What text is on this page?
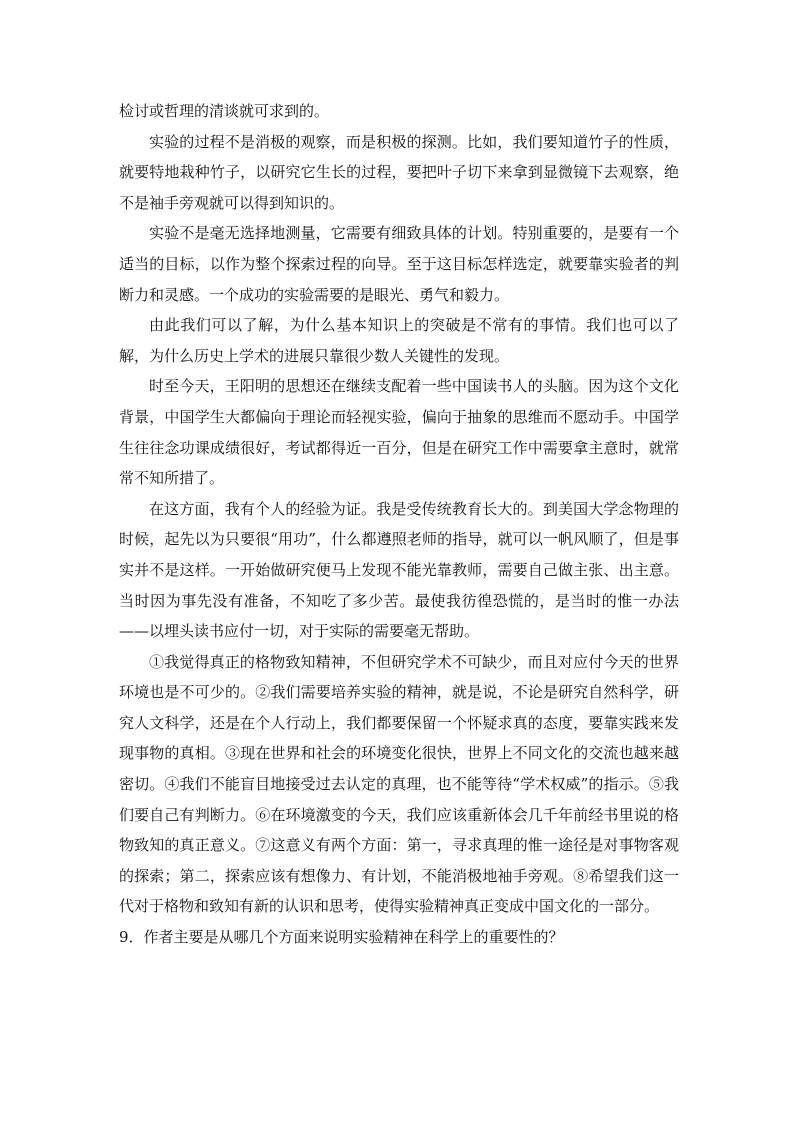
检讨或哲理的清谈就可求到的。

实验的过程不是消极的观察，而是积极的探测。比如，我们要知道竹子的性质，就要特地栽种竹子，以研究它生长的过程，要把叶子切下来拿到显微镜下去观察，绝不是袖手旁观就可以得到知识的。

实验不是毫无选择地测量，它需要有细致具体的计划。特别重要的，是要有一个适当的目标，以作为整个探索过程的向导。至于这目标怎样选定，就要靠实验者的判断力和灵感。一个成功的实验需要的是眼光、勇气和毅力。

由此我们可以了解，为什么基本知识上的突破是不常有的事情。我们也可以了解，为什么历史上学术的进展只靠很少数人关键性的发现。

时至今天，王阳明的思想还在继续支配着一些中国读书人的头脑。因为这个文化背景，中国学生大都偏向于理论而轻视实验，偏向于抽象的思维而不愿动手。中国学生往往念功课成绩很好，考试都得近一百分，但是在研究工作中需要拿主意时，就常常不知所措了。

在这方面，我有个人的经验为证。我是受传统教育长大的。到美国大学念物理的时候，起先以为只要很“用功”，什么都遵照老师的指导，就可以一帆风顺了，但是事实并不是这样。一开始做研究便马上发现不能光靠教师，需要自己做主张、出主意。当时因为事先没有准备，不知吃了多少苦。最使我彷徨恐慌的，是当时的惟一办法——以埋头读书应付一切，对于实际的需要毫无帮助。

①我觉得真正的格物致知精神，不但研究学术不可缺少，而且对应付今天的世界环境也是不可少的。②我们需要培养实验的精神，就是说，不论是研究自然科学，研究人文科学，还是在个人行动上，我们都要保留一个怀疑求真的态度，要靠实践来发现事物的真相。③现在世界和社会的环境变化很快，世界上不同文化的交流也越来越密切。④我们不能盲目地接受过去认定的真理，也不能等待“学术权威”的指示。⑤我们要自己有判断力。⑥在环境激变的今天，我们应该重新体会几千年前经书里说的格物致知的真正意义。⑦这意义有两个方面：第一，寻求真理的惟一途径是对事物客观的探索；第二，探索应该有想像力、有计划，不能消极地袖手旁观。⑧希望我们这一代对于格物和致知有新的认识和思考，使得实验精神真正变成中国文化的一部分。

9．作者主要是从哪几个方面来说明实验精神在科学上的重要性的？
